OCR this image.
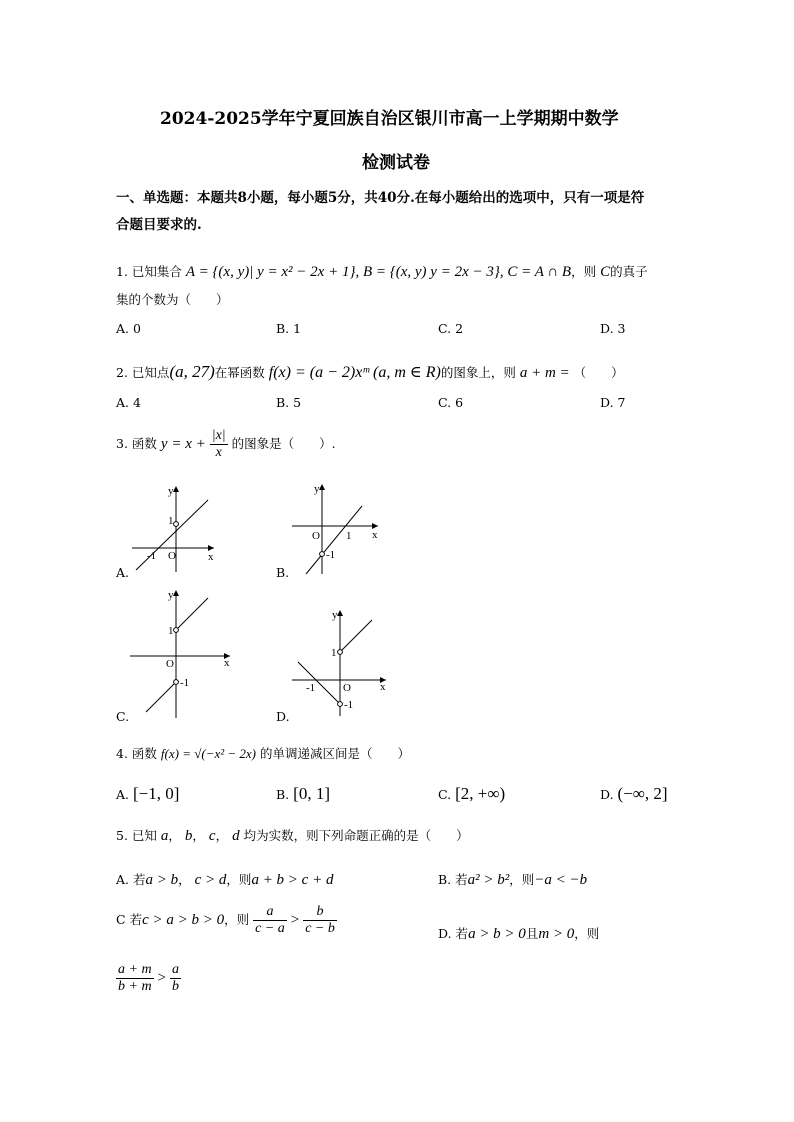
2024-2025学年宁夏回族自治区银川市高一上学期期中数学
检测试卷
一、单选题：本题共8小题，每小题5分，共40分.在每小题给出的选项中，只有一项是符
合题目要求的.
1. 已知集合 A = {(x, y)| y = x² − 2x + 1}, B = {(x, y) y = 2x − 3}, C = A ∩ B，则 C的真子
集的个数为（　　）
A. 0	B. 1	C. 2	D. 3
2. 已知点(a, 27)在幂函数 f(x) = (a − 2)xᵐ (a, m ∈ R)的图象上，则 a + m = （　　）
A. 4	B. 5	C. 6	D. 7
3. 函数 $y = x + \frac{|x|}{x}$ 的图象是（　　）.
y
x
O
1
-1
A.
y
x
O 1
-1
B.
y
x
O
1
-1
C.
y
x
O
1
-1
-1
D.
4. 函数 f(x) = √(−x² − 2x) 的单调递减区间是（　　）
A. [−1, 0]	B. [0, 1]	C. [2, +∞)	D. (−∞, 2]
5. 已知 a， b， c， d 均为实数，则下列命题正确的是（　　）
A. 若a > b， c > d，则a + b > c + d	B. 若a² > b²，则−a < −b
C 若c > a > b > 0，则 $\frac{a}{c - a} > \frac{b}{c - b}$	D. 若a > b > 0且m > 0，则
$\frac{a + m}{b + m} > \frac{a}{b}$
